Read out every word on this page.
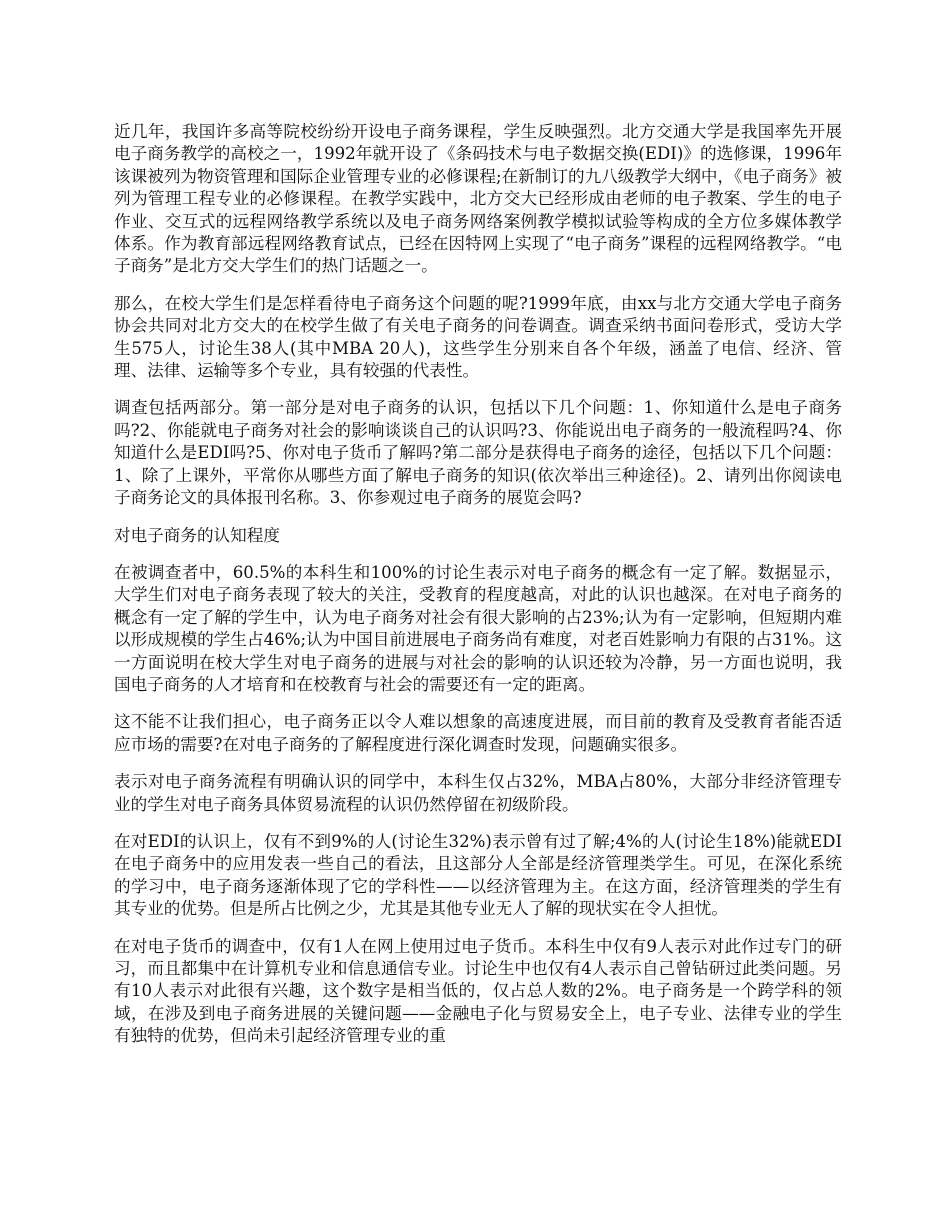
近几年，我国许多高等院校纷纷开设电子商务课程，学生反映强烈。北方交通大学是我国率先开展电子商务教学的高校之一，1992年就开设了《条码技术与电子数据交换(EDI)》的选修课，1996年该课被列为物资管理和国际企业管理专业的必修课程;在新制订的九八级教学大纲中，《电子商务》被列为管理工程专业的必修课程。在教学实践中，北方交大已经形成由老师的电子教案、学生的电子作业、交互式的远程网络教学系统以及电子商务网络案例教学模拟试验等构成的全方位多媒体教学体系。作为教育部远程网络教育试点，已经在因特网上实现了“电子商务”课程的远程网络教学。“电子商务”是北方交大学生们的热门话题之一。

那么，在校大学生们是怎样看待电子商务这个问题的呢?1999年底，由xx与北方交通大学电子商务协会共同对北方交大的在校学生做了有关电子商务的问卷调查。调查采纳书面问卷形式，受访大学生575人，讨论生38人(其中MBA 20人)，这些学生分别来自各个年级，涵盖了电信、经济、管理、法律、运输等多个专业，具有较强的代表性。

调查包括两部分。第一部分是对电子商务的认识，包括以下几个问题：1、你知道什么是电子商务吗?2、你能就电子商务对社会的影响谈谈自己的认识吗?3、你能说出电子商务的一般流程吗?4、你知道什么是EDI吗?5、你对电子货币了解吗?第二部分是获得电子商务的途径，包括以下几个问题：1、除了上课外，平常你从哪些方面了解电子商务的知识(依次举出三种途径)。2、请列出你阅读电子商务论文的具体报刊名称。3、你参观过电子商务的展览会吗?

对电子商务的认知程度

在被调查者中，60.5%的本科生和100%的讨论生表示对电子商务的概念有一定了解。数据显示，大学生们对电子商务表现了较大的关注，受教育的程度越高，对此的认识也越深。在对电子商务的概念有一定了解的学生中，认为电子商务对社会有很大影响的占23%;认为有一定影响，但短期内难以形成规模的学生占46%;认为中国目前进展电子商务尚有难度，对老百姓影响力有限的占31%。这一方面说明在校大学生对电子商务的进展与对社会的影响的认识还较为冷静，另一方面也说明，我国电子商务的人才培育和在校教育与社会的需要还有一定的距离。

这不能不让我们担心，电子商务正以令人难以想象的高速度进展，而目前的教育及受教育者能否适应市场的需要?在对电子商务的了解程度进行深化调查时发现，问题确实很多。

表示对电子商务流程有明确认识的同学中，本科生仅占32%，MBA占80%，大部分非经济管理专业的学生对电子商务具体贸易流程的认识仍然停留在初级阶段。

在对EDI的认识上，仅有不到9%的人(讨论生32%)表示曾有过了解;4%的人(讨论生18%)能就EDI在电子商务中的应用发表一些自己的看法，且这部分人全部是经济管理类学生。可见，在深化系统的学习中，电子商务逐渐体现了它的学科性——以经济管理为主。在这方面，经济管理类的学生有其专业的优势。但是所占比例之少，尤其是其他专业无人了解的现状实在令人担忧。

在对电子货币的调查中，仅有1人在网上使用过电子货币。本科生中仅有9人表示对此作过专门的研习，而且都集中在计算机专业和信息通信专业。讨论生中也仅有4人表示自己曾钻研过此类问题。另有10人表示对此很有兴趣，这个数字是相当低的，仅占总人数的2%。电子商务是一个跨学科的领域，在涉及到电子商务进展的关键问题——金融电子化与贸易安全上，电子专业、法律专业的学生有独特的优势，但尚未引起经济管理专业的重
